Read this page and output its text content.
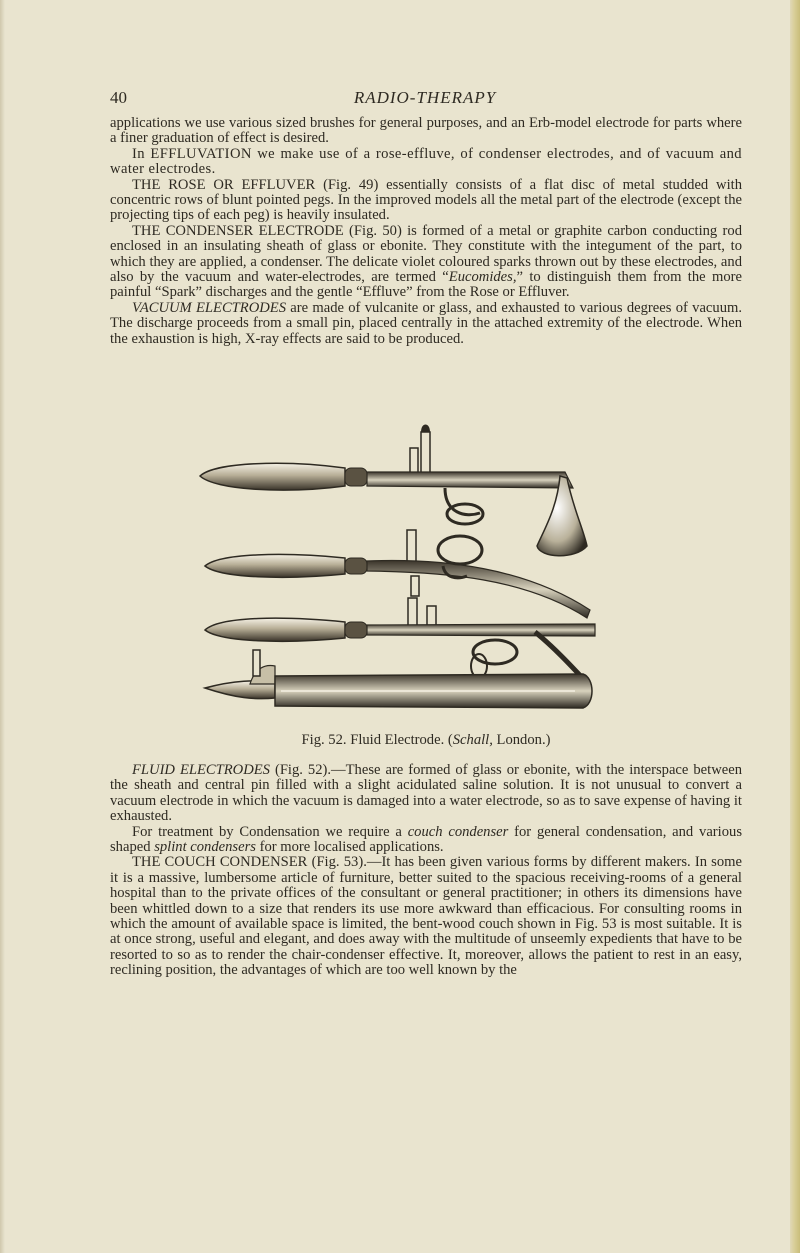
40	RADIO-THERAPY

applications we use various sized brushes for general purposes, and an Erb-model electrode for parts where a finer graduation of effect is desired.

In EFFLUVATION we make use of a rose-effluve, of condenser electrodes, and of vacuum and water electrodes.

THE ROSE OR EFFLUVER (Fig. 49) essentially consists of a flat disc of metal studded with concentric rows of blunt pointed pegs. In the improved models all the metal part of the electrode (except the projecting tips of each peg) is heavily insulated.

THE CONDENSER ELECTRODE (Fig. 50) is formed of a metal or graphite carbon conducting rod enclosed in an insulating sheath of glass or ebonite. They constitute with the integument of the part, to which they are applied, a condenser. The delicate violet coloured sparks thrown out by these electrodes, and also by the vacuum and water-electrodes, are termed “Eucomides,” to distinguish them from the more painful “Spark” discharges and the gentle “Effluve” from the Rose or Effluver.

VACUUM ELECTRODES are made of vulcanite or glass, and exhausted to various degrees of vacuum. The discharge proceeds from a small pin, placed centrally in the attached extremity of the electrode. When the exhaustion is high, X-ray effects are said to be produced.

Fig. 52. Fluid Electrode. (Schall, London.)

FLUID ELECTRODES (Fig. 52).—These are formed of glass or ebonite, with the interspace between the sheath and central pin filled with a slight acidulated saline solution. It is not unusual to convert a vacuum electrode in which the vacuum is damaged into a water electrode, so as to save expense of having it exhausted.

For treatment by Condensation we require a couch condenser for general condensation, and various shaped splint condensers for more localised applications.

THE COUCH CONDENSER (Fig. 53).—It has been given various forms by different makers. In some it is a massive, lumbersome article of furniture, better suited to the spacious receiving-rooms of a general hospital than to the private offices of the consultant or general practitioner; in others its dimensions have been whittled down to a size that renders its use more awkward than efficacious. For consulting rooms in which the amount of available space is limited, the bent-wood couch shown in Fig. 53 is most suitable. It is at once strong, useful and elegant, and does away with the multitude of unseemly expedients that have to be resorted to so as to render the chair-condenser effective. It, moreover, allows the patient to rest in an easy, reclining position, the advantages of which are too well known by the
